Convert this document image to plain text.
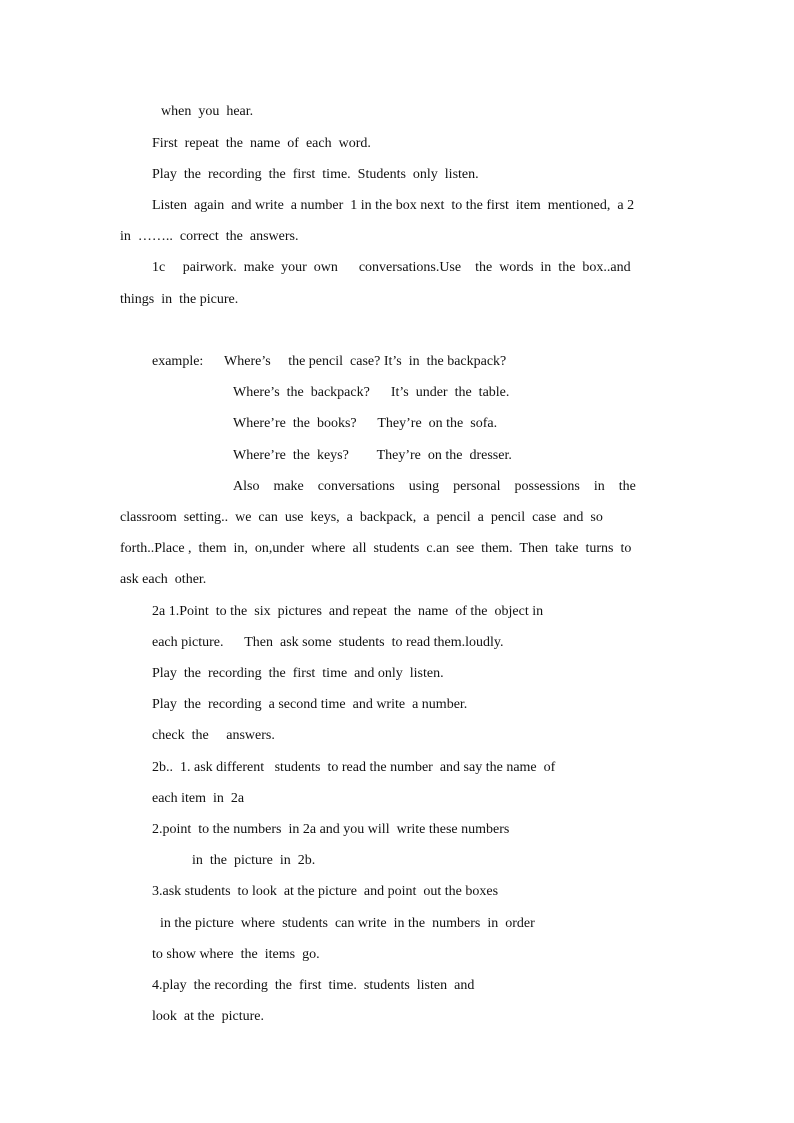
when  you  hear.
First  repeat  the  name  of  each  word.
Play  the  recording  the  first  time.  Students  only  listen.
Listen  again  and write  a number  1 in the box next  to the first  item  mentioned,  a 2
in  ……..  correct  the  answers.
1c     pairwork.  make  your  own      conversations.Use    the  words  in  the  box..and
things  in  the picure.
example:      Where’s     the pencil  case? It’s  in  the backpack?
Where’s  the  backpack?      It’s  under  the  table.
Where’re  the  books?      They’re  on the  sofa.
Where’re  the  keys?        They’re  on the  dresser.
Also    make    conversations    using    personal    possessions    in    the
classroom  setting..  we  can  use  keys,  a  backpack,  a  pencil  a  pencil  case  and  so
forth..Place ,  them  in,  on,under  where  all  students  c.an  see  them.  Then  take  turns  to
ask each  other.
2a 1.Point  to the  six  pictures  and repeat  the  name  of the  object in
each picture.      Then  ask some  students  to read them.loudly.
Play  the  recording  the  first  time  and only  listen.
Play  the  recording  a second time  and write  a number.
check  the     answers.
2b..  1. ask different   students  to read the number  and say the name  of
each item  in  2a
2.point  to the numbers  in 2a and you will  write these numbers
in  the  picture  in  2b.
3.ask students  to look  at the picture  and point  out the boxes
in the picture  where  students  can write  in the  numbers  in  order
to show where  the  items  go.
4.play  the recording  the  first  time.  students  listen  and
look  at the  picture.
